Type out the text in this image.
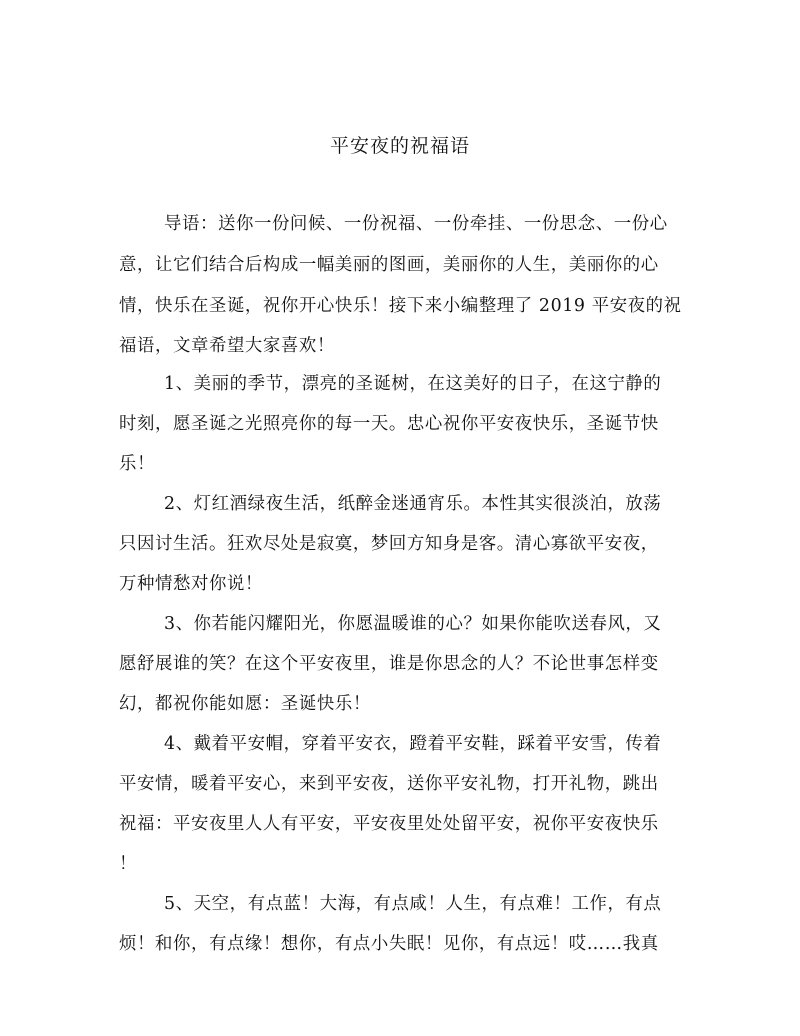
平安夜的祝福语

导语：送你一份问候、一份祝福、一份牵挂、一份思念、一份心

意，让它们结合后构成一幅美丽的图画，美丽你的人生，美丽你的心

情，快乐在圣诞，祝你开心快乐！接下来小编整理了 2019 平安夜的祝

福语，文章希望大家喜欢！

1、美丽的季节，漂亮的圣诞树，在这美好的日子，在这宁静的

时刻，愿圣诞之光照亮你的每一天。忠心祝你平安夜快乐，圣诞节快

乐！

2、灯红酒绿夜生活，纸醉金迷通宵乐。本性其实很淡泊，放荡

只因讨生活。狂欢尽处是寂寞，梦回方知身是客。清心寡欲平安夜，

万种情愁对你说！

3、你若能闪耀阳光，你愿温暖谁的心？如果你能吹送春风，又

愿舒展谁的笑？在这个平安夜里，谁是你思念的人？不论世事怎样变

幻，都祝你能如愿：圣诞快乐！

4、戴着平安帽，穿着平安衣，蹬着平安鞋，踩着平安雪，传着

平安情，暖着平安心，来到平安夜，送你平安礼物，打开礼物，跳出

祝福：平安夜里人人有平安，平安夜里处处留平安，祝你平安夜快乐

！

5、天空，有点蓝！大海，有点咸！人生，有点难！工作，有点

烦！和你，有点缘！想你，有点小失眠！见你，有点远！哎……我真
